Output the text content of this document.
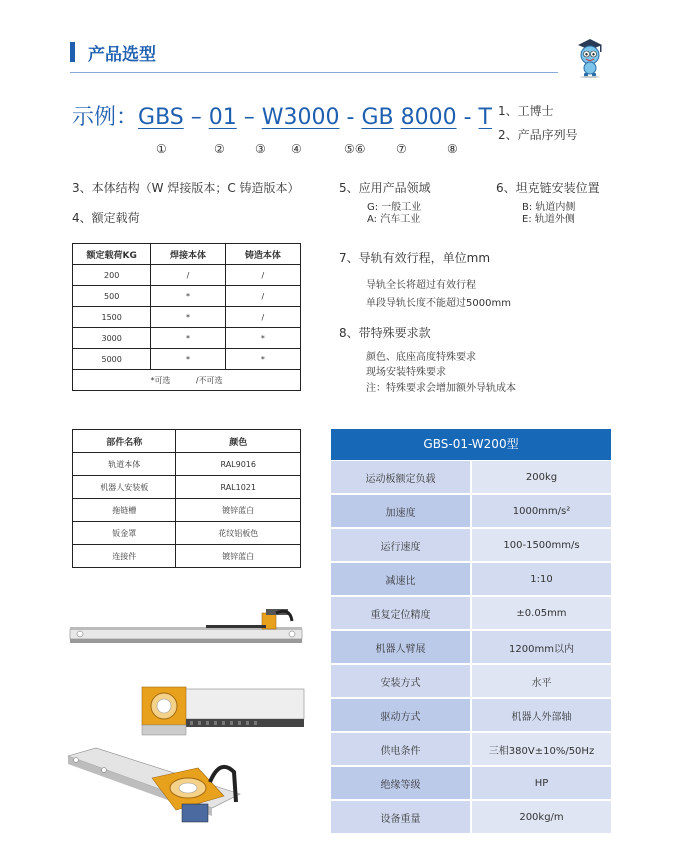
产品选型
示例：GBS – 01 – W3000 - GB 8000 - T
①	②	③ ④	⑤⑥	⑦	⑧
1、工博士
2、产品序列号
3、本体结构（W 焊接版本；C 铸造版本）
4、额定载荷
5、应用产品领域
G: 一般工业
A: 汽车工业
6、坦克链安装位置
B: 轨道内侧
E: 轨道外侧
7、导轨有效行程，单位mm
导轨全长将超过有效行程
单段导轨长度不能超过5000mm
8、带特殊要求款
颜色、底座高度特殊要求
现场安装特殊要求
注：特殊要求会增加额外导轨成本
额定载荷KG	焊接本体	铸造本体
200	/	/
500	*	/
1500	*	/
3000	*	*
5000	*	*
*可选          /不可选		
部件名称	颜色
轨道本体	RAL9016
机器人安装板	RAL1021
拖链槽	镀锌蓝白
钣金罩	花纹铝板色
连接件	镀锌蓝白
GBS-01-W200型
运动板额定负载	200kg
加速度	1000mm/s²
运行速度	100-1500mm/s
减速比	1:10
重复定位精度	±0.05mm
机器人臂展	1200mm以内
安装方式	水平
驱动方式	机器人外部轴
供电条件	三相380V±10%/50Hz
绝缘等级	HP
设备重量	200kg/m
